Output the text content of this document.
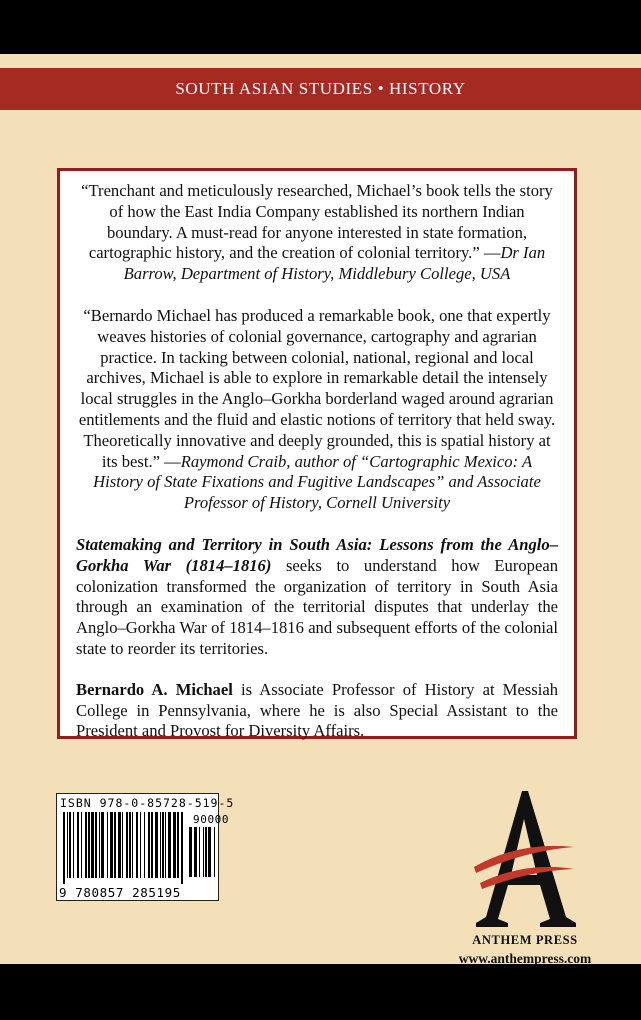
SOUTH ASIAN STUDIES • HISTORY

“Trenchant and meticulously researched, Michael’s book tells the story of how the East India Company established its northern Indian boundary. A must-read for anyone interested in state formation, cartographic history, and the creation of colonial territory.” —Dr Ian Barrow, Department of History, Middlebury College, USA

“Bernardo Michael has produced a remarkable book, one that expertly weaves histories of colonial governance, cartography and agrarian practice. In tacking between colonial, national, regional and local archives, Michael is able to explore in remarkable detail the intensely local struggles in the Anglo–Gorkha borderland waged around agrarian entitlements and the fluid and elastic notions of territory that held sway. Theoretically innovative and deeply grounded, this is spatial history at its best.” —Raymond Craib, author of “Cartographic Mexico: A History of State Fixations and Fugitive Landscapes” and Associate Professor of History, Cornell University

Statemaking and Territory in South Asia: Lessons from the Anglo–Gorkha War (1814–1816) seeks to understand how European colonization transformed the organization of territory in South Asia through an examination of the territorial disputes that underlay the Anglo–Gorkha War of 1814–1816 and subsequent efforts of the colonial state to reorder its territories.

Bernardo A. Michael is Associate Professor of History at Messiah College in Pennsylvania, where he is also Special Assistant to the President and Provost for Diversity Affairs.

ISBN 978-0-85728-519-5
90000
9 780857 285195
ANTHEM PRESS
www.anthempress.com
